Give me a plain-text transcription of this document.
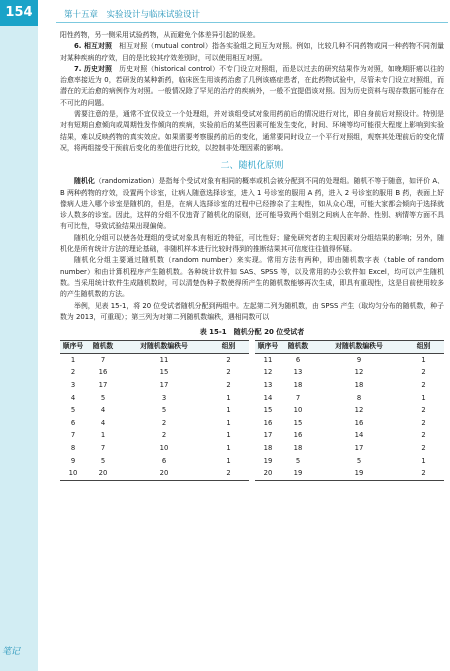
154	第十五章　实验设计与临床试验设计

阳性药物，另一侧采用试验药物，从而避免个体差异引起的误差。

6. 相互对照　 相互对照（mutual control）指各实验组之间互为对照。例如，比较几种不同药物或同一种药物不同剂量对某种疾病的疗效，目的是比较其疗效差别时，可以使用相互对照。

7. 历史对照　 历史对照（historical control）不专门设立对照组，而是以过去的研究结果作为对照，如晚期肝癌以往的治愈率接近为 0，若研发的某种新药，临床医生用该药治愈了几例该癌症患者，在此药物试验中，尽管未专门设立对照组，而潜在的无治愈的病例作为对照。一般情况除了罕见的治疗的疾病外，一般不宜提倡该对照。因为历史资料与现存数据可能存在不可比的问题。

需要注意的是，通常不宜仅设立一个处理组，并对该组受试对象用药前后的情况进行对比，即自身前后对照设计。特别是对有短期自愈倾向或周期性发作倾向的疾病，实验前后的某些因素可能发生变化，时间、环境等均可能很大程度上影响到实验结果，难以反映药物的真实效应。如果需要考察服药前后的变化，通常要同时设立一个平行对照组，观察其处理前后的变化情况，将两组接受干预前后变化的差值进行比较，以控制非处理因素的影响。

二、随机化原则

随机化（randomization）是指每个受试对象有相同的概率或机会被分配到不同的处理组。随机不等于随意，如评价 A、B 两种药物的疗效，设置两个诊室，让病人随意选择诊室，进入 1 号诊室的服用 A 药，进入 2 号诊室的服用 B 药，表面上好像病人进入哪个诊室是随机的，但是，在病人选择诊室的过程中已经掺杂了主观性，如从众心理，可能大家都会倾向于选择就诊人数多的诊室。因此，这样的分组不仅违背了随机化的原则，还可能导致两个组别之间病人在年龄、性别、病情等方面不具有可比性，导致试验结果出现偏倚。

随机化分组可以使各处理组的受试对象具有相近的特征，可比性好；避免研究者的主观因素对分组结果的影响；另外，随机化是所有统计方法的理论基础，非随机样本进行比较时得到的推断结果其可信度往往值得怀疑。

随机化分组主要通过随机数（random number）来实现。常用方法有两种，即由随机数字表（table of random number）和由计算机程序产生随机数。各种统计软件如 SAS、SPSS 等，以及常用的办公软件如 Excel，均可以产生随机数。当采用统计软件生成随机数时，可以清楚伪种子数使得所产生的随机数能够再次生成，即具有重现性，这是目前使用较多的产生随机数的方法。

举例，见表 15-1，将 20 位受试者随机分配到两组中。左起第二列为随机数，由 SPSS 产生（取均匀分布的随机数，种子数为 2013，可重现）；第三列为对第二列随机数编秩，遇相同数可以

表 15-1　随机分配 20 位受试者
顺序号	随机数	对随机数编秩号	组别
1	7	11	2
2	16	15	2
3	17	17	2
4	5	3	1
5	4	5	1
6	4	2	1
7	1	2	1
8	7	10	1
9	5	6	1
10	20	20	2
顺序号	随机数	对随机数编秩号	组别
11	6	9	1
12	13	12	2
13	18	18	2
14	7	8	1
15	10	12	2
16	15	16	2
17	16	14	2
18	18	17	2
19	5	5	1
20	19	19	2
笔记
